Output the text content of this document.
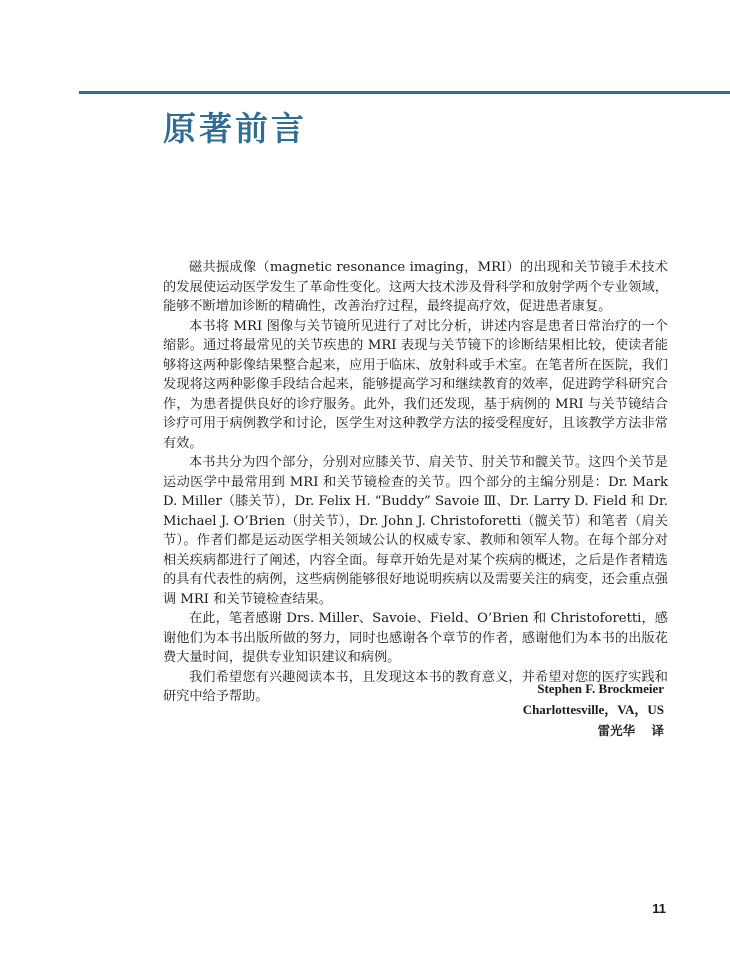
原著前言

磁共振成像（magnetic resonance imaging，MRI）的出现和关节镜手术技术的发展使运动医学发生了革命性变化。这两大技术涉及骨科学和放射学两个专业领域，能够不断增加诊断的精确性，改善治疗过程，最终提高疗效，促进患者康复。

本书将 MRI 图像与关节镜所见进行了对比分析，讲述内容是患者日常治疗的一个缩影。通过将最常见的关节疾患的 MRI 表现与关节镜下的诊断结果相比较，使读者能够将这两种影像结果整合起来，应用于临床、放射科或手术室。在笔者所在医院，我们发现将这两种影像手段结合起来，能够提高学习和继续教育的效率，促进跨学科研究合作，为患者提供良好的诊疗服务。此外，我们还发现，基于病例的 MRI 与关节镜结合诊疗可用于病例教学和讨论，医学生对这种教学方法的接受程度好，且该教学方法非常有效。

本书共分为四个部分，分别对应膝关节、肩关节、肘关节和髋关节。这四个关节是运动医学中最常用到 MRI 和关节镜检查的关节。四个部分的主编分别是：Dr. Mark D. Miller（膝关节），Dr. Felix H. “Buddy” Savoie Ⅲ、Dr. Larry D. Field 和 Dr. Michael J. O’Brien（肘关节），Dr. John J. Christoforetti（髋关节）和笔者（肩关节）。作者们都是运动医学相关领域公认的权威专家、教师和领军人物。在每个部分对相关疾病都进行了阐述，内容全面。每章开始先是对某个疾病的概述，之后是作者精选的具有代表性的病例，这些病例能够很好地说明疾病以及需要关注的病变，还会重点强调 MRI 和关节镜检查结果。

在此，笔者感谢 Drs. Miller、Savoie、Field、O’Brien 和 Christoforetti，感谢他们为本书出版所做的努力，同时也感谢各个章节的作者，感谢他们为本书的出版花费大量时间，提供专业知识建议和病例。

我们希望您有兴趣阅读本书，且发现这本书的教育意义，并希望对您的医疗实践和研究中给予帮助。

Stephen F. Brockmeier
Charlottesville，VA，US
雷光华 译
11
